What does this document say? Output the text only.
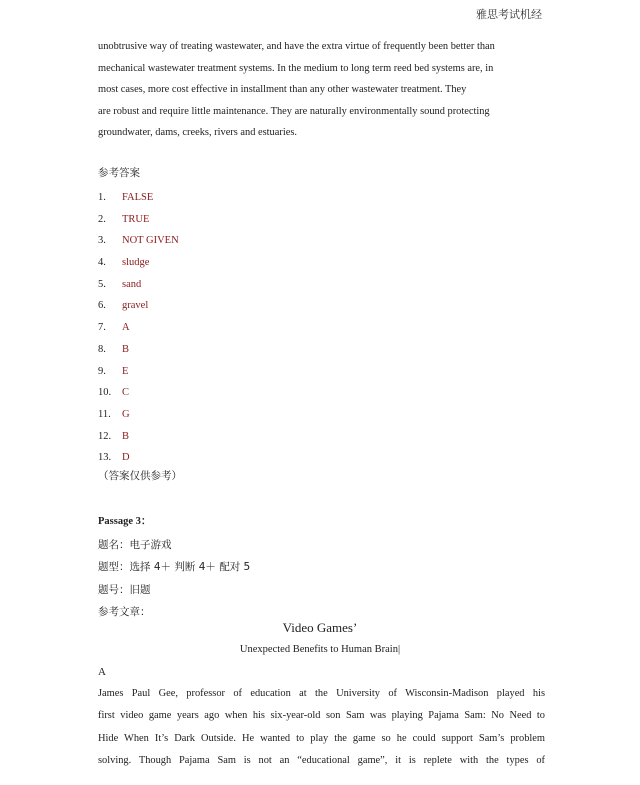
雅思考试机经

unobtrusive way of treating wastewater, and have the extra virtue of frequently been better than

mechanical wastewater treatment systems. In the medium to long term reed bed systems are, in

most cases, more cost effective in installment than any other wastewater treatment. They

are robust and require little maintenance. They are naturally environmentally sound protecting

groundwater, dams, creeks, rivers and estuaries.

参考答案
1. FALSE
2. TRUE
3. NOT GIVEN
4. sludge
5. sand
6. gravel
7. A
8. B
9. E
10. C
11. G
12. B
13. D
（答案仅供参考）
Passage 3：
题名：电子游戏
题型：选择 4＋ 判断 4＋ 配对 5
题号：旧题
参考文章：
Video Games’
Unexpected Benefits to Human Brain|
A
James Paul Gee, professor of education at the University of Wisconsin-Madison played his
first video game years ago when his six-year-old son Sam was playing Pajama Sam: No Need to
Hide When It’s Dark Outside. He wanted to play the game so he could support Sam’s problem
solving. Though Pajama Sam is not an “educational game”, it is replete with the types of
